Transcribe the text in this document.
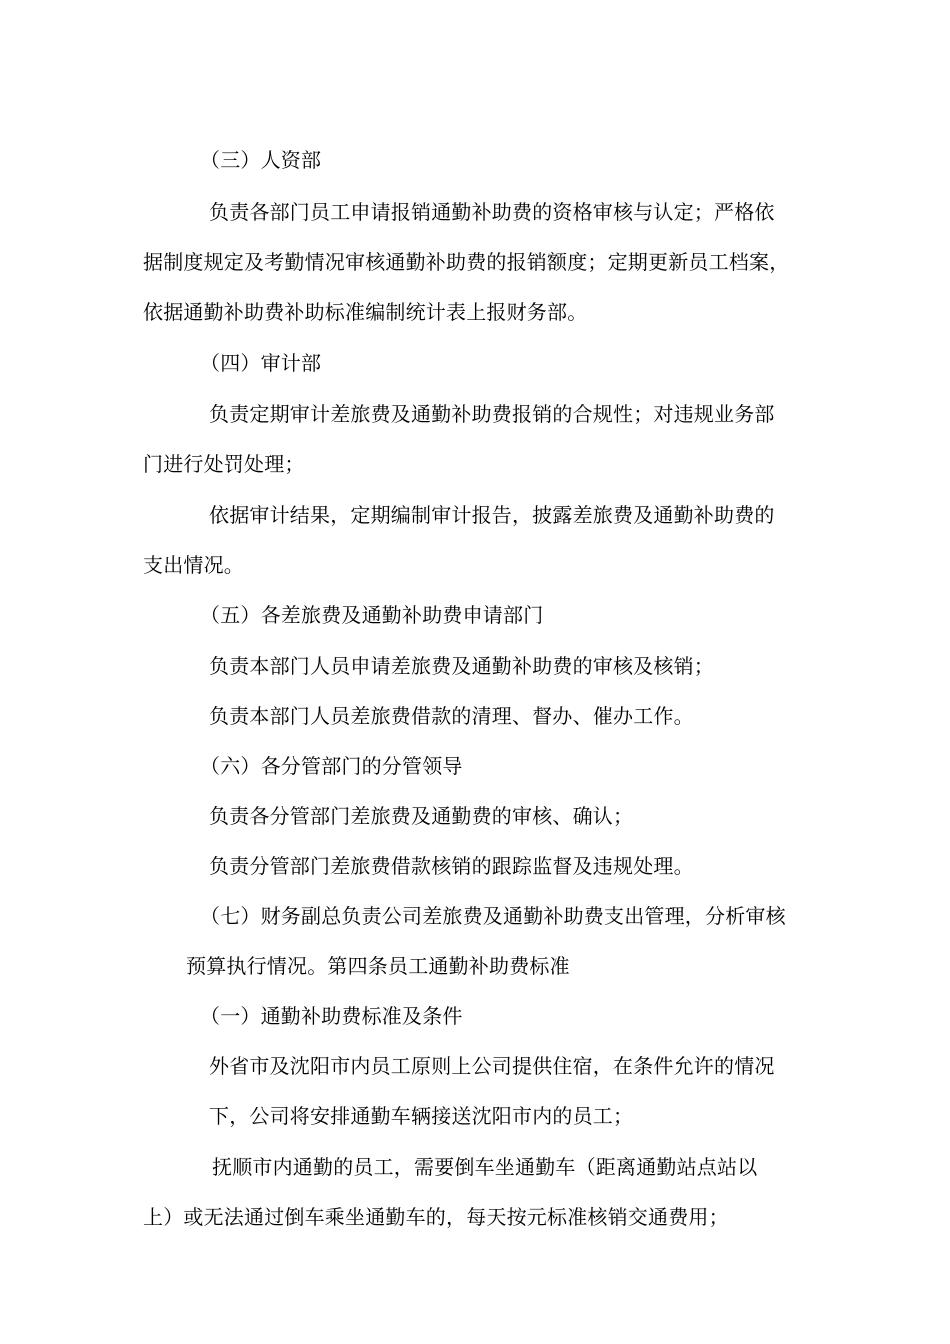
（三）人资部
负责各部门员工申请报销通勤补助费的资格审核与认定；严格依
据制度规定及考勤情况审核通勤补助费的报销额度；定期更新员工档案，
依据通勤补助费补助标准编制统计表上报财务部。
（四）审计部
负责定期审计差旅费及通勤补助费报销的合规性；对违规业务部
门进行处罚处理；
依据审计结果，定期编制审计报告，披露差旅费及通勤补助费的
支出情况。
（五）各差旅费及通勤补助费申请部门
负责本部门人员申请差旅费及通勤补助费的审核及核销；
负责本部门人员差旅费借款的清理、督办、催办工作。
（六）各分管部门的分管领导
负责各分管部门差旅费及通勤费的审核、确认；
负责分管部门差旅费借款核销的跟踪监督及违规处理。
（七）财务副总负责公司差旅费及通勤补助费支出管理，分析审核
预算执行情况。第四条员工通勤补助费标准
（一）通勤补助费标准及条件
外省市及沈阳市内员工原则上公司提供住宿，在条件允许的情况
下，公司将安排通勤车辆接送沈阳市内的员工；
抚顺市内通勤的员工，需要倒车坐通勤车（距离通勤站点站以
上）或无法通过倒车乘坐通勤车的，每天按元标准核销交通费用；
